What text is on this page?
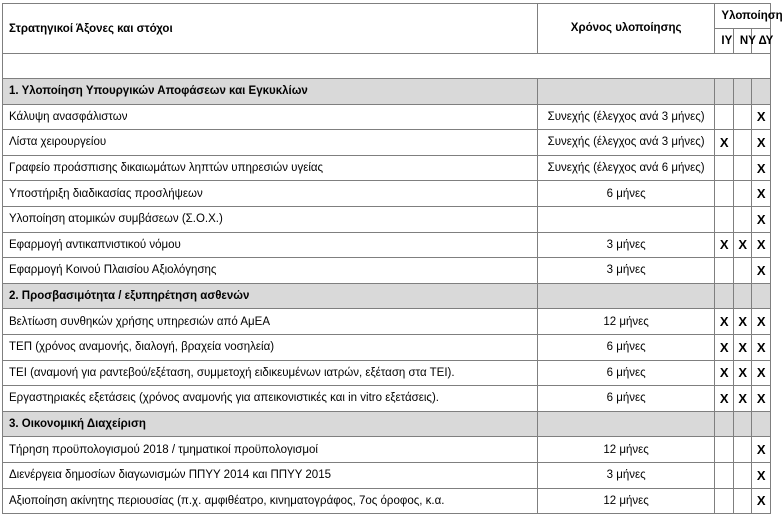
Στρατηγικοί Άξονες και στόχοι	Χρόνος υλοποίησης	Υλοποίηση		
		ΙΥ	ΝΥ	ΔΥ

1. Υλοποίηση Υπουργικών Αποφάσεων και Εγκυκλίων				
Κάλυψη ανασφάλιστων	Συνεχής (έλεγχος ανά 3 μήνες)			X
Λίστα χειρουργείου	Συνεχής (έλεγχος ανά 3 μήνες)	X		X
Γραφείο προάσπισης δικαιωμάτων ληπτών υπηρεσιών υγείας	Συνεχής (έλεγχος ανά 6 μήνες)			X
Υποστήριξη διαδικασίας προσλήψεων	6 μήνες			X
Υλοποίηση ατομικών συμβάσεων (Σ.Ο.Χ.)				X
Εφαρμογή αντικαπνιστικού νόμου	3 μήνες	X	X	X
Εφαρμογή Κοινού Πλαισίου Αξιολόγησης	3 μήνες			X
2. Προσβασιμότητα / εξυπηρέτηση ασθενών				
Βελτίωση συνθηκών χρήσης υπηρεσιών από ΑμΕΑ	12 μήνες	X	X	X
ΤΕΠ (χρόνος αναμονής, διαλογή, βραχεία νοσηλεία)	6 μήνες	X	X	X
ΤΕΙ (αναμονή για ραντεβού/εξέταση, συμμετοχή ειδικευμένων ιατρών, εξέταση στα ΤΕΙ).	6 μήνες	X	X	X
Εργαστηριακές εξετάσεις (χρόνος αναμονής για απεικονιστικές και in vitro εξετάσεις).	6 μήνες	X	X	X
3. Οικονομική Διαχείριση				
Τήρηση προϋπολογισμού 2018 / τμηματικοί προϋπολογισμοί	12 μήνες			X
Διενέργεια δημοσίων διαγωνισμών ΠΠΥΥ 2014 και ΠΠΥΥ 2015	3 μήνες			X
Αξιοποίηση ακίνητης περιουσίας (π.χ. αμφιθέατρο, κινηματογράφος, 7ος όροφος, κ.α.	12 μήνες			X
